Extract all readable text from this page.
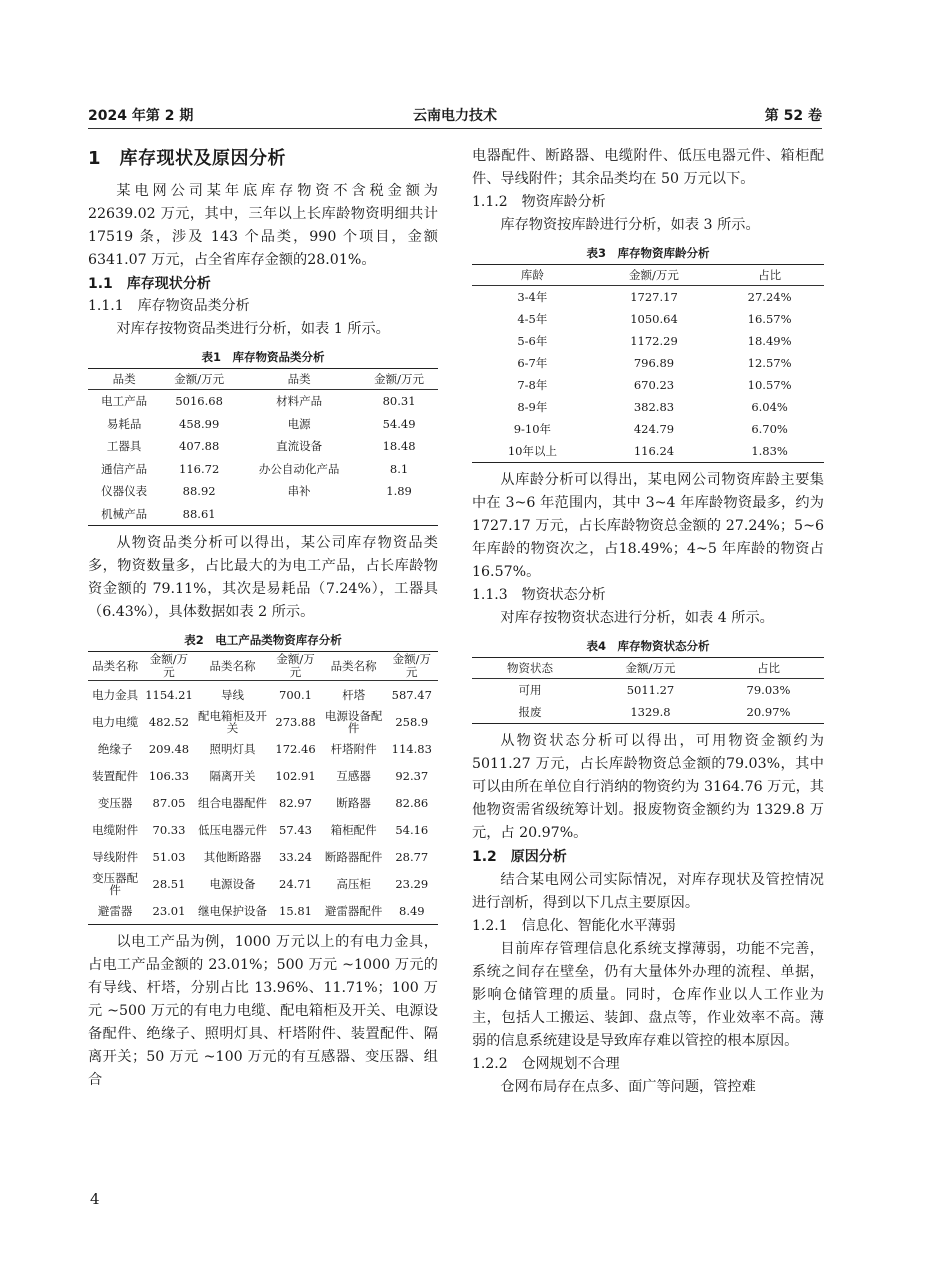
2024 年第 2 期	云南电力技术	第 52 卷
1　库存现状及原因分析

某电网公司某年底库存物资不含税金额为22639.02 万元，其中，三年以上长库龄物资明细共计 17519 条，涉及 143 个品类，990 个项目，金额 6341.07 万元，占全省库存金额的28.01%。

1.1　库存现状分析
1.1.1　库存物资品类分析

对库存按物资品类进行分析，如表 1 所示。

表1　库存物资品类分析
品类	金额/万元	品类	金额/万元
电工产品	5016.68	材料产品	80.31
易耗品	458.99	电源	54.49
工器具	407.88	直流设备	18.48
通信产品	116.72	办公自动化产品	8.1
仪器仪表	88.92	串补	1.89
机械产品	88.61		

从物资品类分析可以得出，某公司库存物资品类多，物资数量多，占比最大的为电工产品，占长库龄物资金额的 79.11%，其次是易耗品（7.24%），工器具（6.43%），具体数据如表 2 所示。

表2　电工产品类物资库存分析
品类名称	金额/万元	品类名称	金额/万元	品类名称	金额/万元
电力金具	1154.21	导线	700.1	杆塔	587.47
电力电缆	482.52	配电箱柜及开关	273.88	电源设备配件	258.9
绝缘子	209.48	照明灯具	172.46	杆塔附件	114.83
装置配件	106.33	隔离开关	102.91	互感器	92.37
变压器	87.05	组合电器配件	82.97	断路器	82.86
电缆附件	70.33	低压电器元件	57.43	箱柜配件	54.16
导线附件	51.03	其他断路器	33.24	断路器配件	28.77
变压器配件	28.51	电源设备	24.71	高压柜	23.29
避雷器	23.01	继电保护设备	15.81	避雷器配件	8.49

以电工产品为例，1000 万元以上的有电力金具，占电工产品金额的 23.01%；500 万元 ~1000 万元的有导线、杆塔，分别占比 13.96%、11.71%；100 万元 ~500 万元的有电力电缆、配电箱柜及开关、电源设备配件、绝缘子、照明灯具、杆塔附件、装置配件、隔离开关；50 万元 ~100 万元的有互感器、变压器、组合

电器配件、断路器、电缆附件、低压电器元件、箱柜配件、导线附件；其余品类均在 50 万元以下。

1.1.2　物资库龄分析

库存物资按库龄进行分析，如表 3 所示。

表3　库存物资库龄分析
库龄	金额/万元	占比
3-4年	1727.17	27.24%
4-5年	1050.64	16.57%
5-6年	1172.29	18.49%
6-7年	796.89	12.57%
7-8年	670.23	10.57%
8-9年	382.83	6.04%
9-10年	424.79	6.70%
10年以上	116.24	1.83%

从库龄分析可以得出，某电网公司物资库龄主要集中在 3~6 年范围内，其中 3~4 年库龄物资最多，约为 1727.17 万元，占长库龄物资总金额的 27.24%；5~6 年库龄的物资次之，占18.49%；4~5 年库龄的物资占 16.57%。

1.1.3　物资状态分析

对库存按物资状态进行分析，如表 4 所示。

表4　库存物资状态分析
物资状态	金额/万元	占比
可用	5011.27	79.03%
报废	1329.8	20.97%

从物资状态分析可以得出，可用物资金额约为 5011.27 万元，占长库龄物资总金额的79.03%，其中可以由所在单位自行消纳的物资约为 3164.76 万元，其他物资需省级统筹计划。报废物资金额约为 1329.8 万元，占 20.97%。

1.2　原因分析

结合某电网公司实际情况，对库存现状及管控情况进行剖析，得到以下几点主要原因。

1.2.1　信息化、智能化水平薄弱

目前库存管理信息化系统支撑薄弱，功能不完善，系统之间存在壁垒，仍有大量体外办理的流程、单据，影响仓储管理的质量。同时，仓库作业以人工作业为主，包括人工搬运、装卸、盘点等，作业效率不高。薄弱的信息系统建设是导致库存难以管控的根本原因。

1.2.2　仓网规划不合理

仓网布局存在点多、面广等问题，管控难

4
